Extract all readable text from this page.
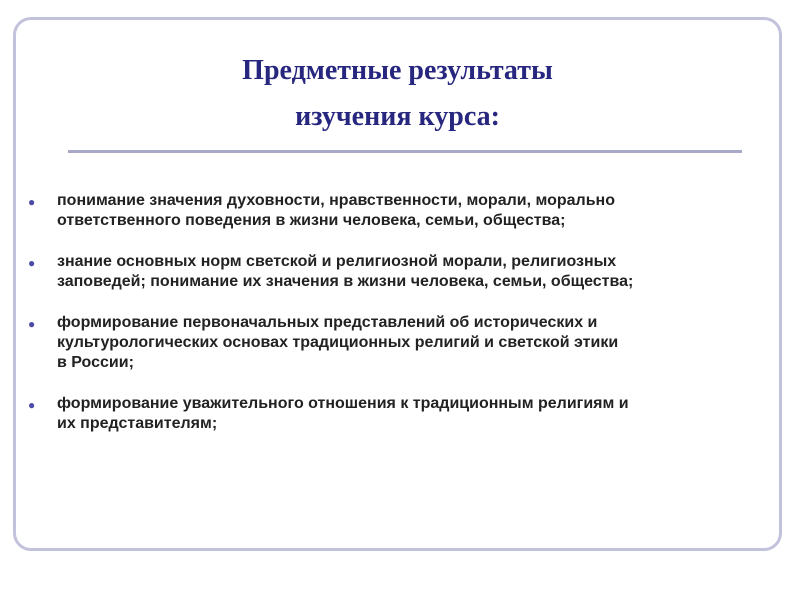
Предметные результаты
изучения курса:
● понимание значения духовности, нравственности, морали, морально
ответственного поведения в жизни человека, семьи, общества;
● знание основных норм светской и религиозной морали, религиозных
заповедей; понимание их значения в жизни человека, семьи, общества;
● формирование первоначальных представлений об исторических и
культурологических основах традиционных религий и светской этики
в России;
● формирование уважительного отношения к традиционным религиям и
их представителям;
